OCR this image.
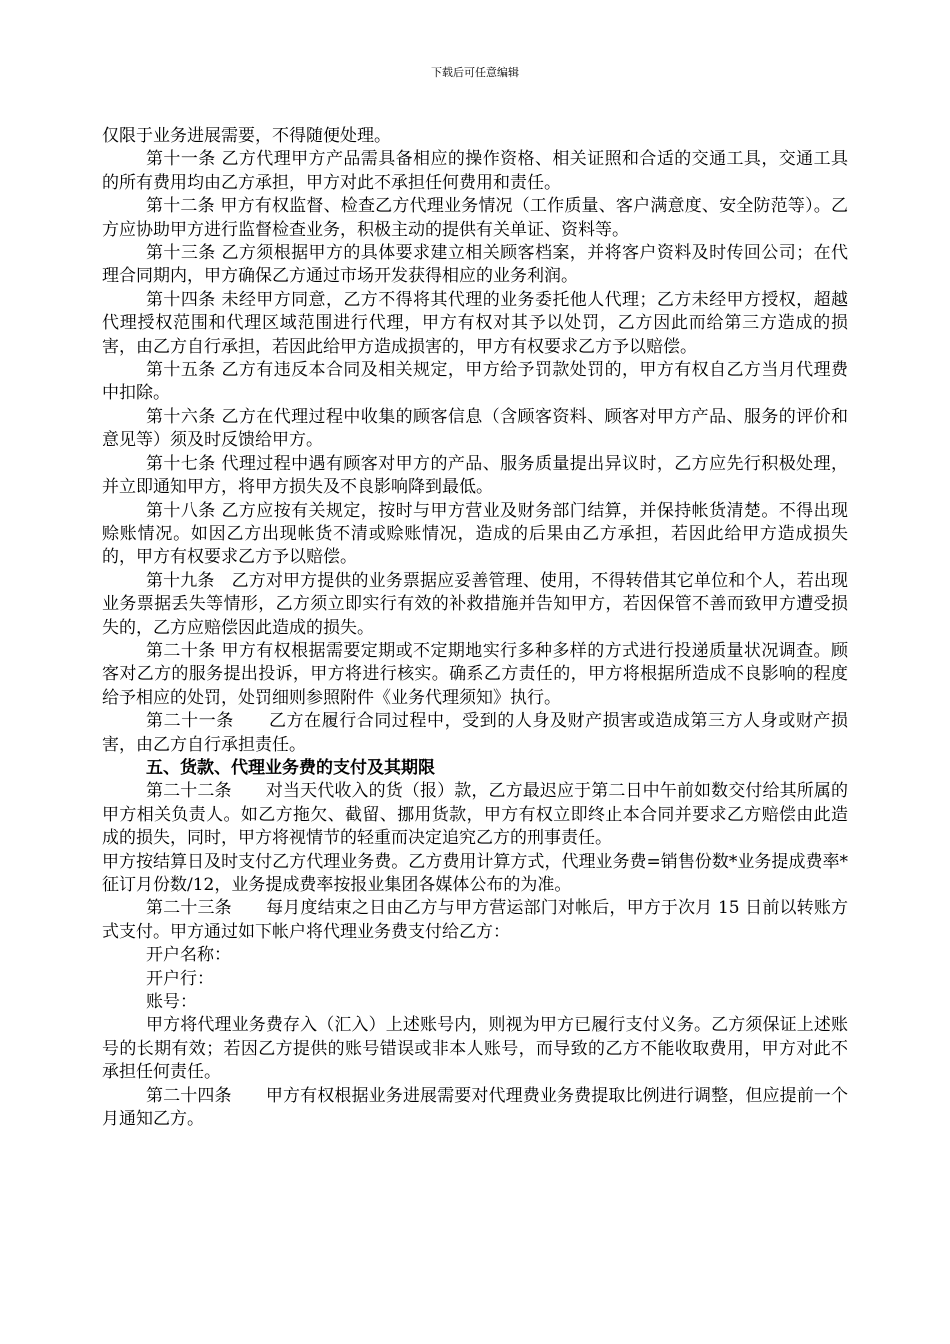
下载后可任意编辑

仅限于业务进展需要，不得随便处理。

第十一条 乙方代理甲方产品需具备相应的操作资格、相关证照和合适的交通工具，交通工具的所有费用均由乙方承担，甲方对此不承担任何费用和责任。

第十二条 甲方有权监督、检查乙方代理业务情况（工作质量、客户满意度、安全防范等）。乙方应协助甲方进行监督检查业务，积极主动的提供有关单证、资料等。

第十三条 乙方须根据甲方的具体要求建立相关顾客档案，并将客户资料及时传回公司；在代理合同期内，甲方确保乙方通过市场开发获得相应的业务利润。

第十四条 未经甲方同意，乙方不得将其代理的业务委托他人代理；乙方未经甲方授权，超越代理授权范围和代理区域范围进行代理，甲方有权对其予以处罚，乙方因此而给第三方造成的损害，由乙方自行承担，若因此给甲方造成损害的，甲方有权要求乙方予以赔偿。

第十五条 乙方有违反本合同及相关规定，甲方给予罚款处罚的，甲方有权自乙方当月代理费中扣除。

第十六条 乙方在代理过程中收集的顾客信息（含顾客资料、顾客对甲方产品、服务的评价和意见等）须及时反馈给甲方。

第十七条 代理过程中遇有顾客对甲方的产品、服务质量提出异议时，乙方应先行积极处理，并立即通知甲方，将甲方损失及不良影响降到最低。

第十八条 乙方应按有关规定，按时与甲方营业及财务部门结算，并保持帐货清楚。不得出现赊账情况。如因乙方出现帐货不清或赊账情况，造成的后果由乙方承担，若因此给甲方造成损失的，甲方有权要求乙方予以赔偿。

第十九条　乙方对甲方提供的业务票据应妥善管理、使用，不得转借其它单位和个人，若出现业务票据丢失等情形，乙方须立即实行有效的补救措施并告知甲方，若因保管不善而致甲方遭受损失的，乙方应赔偿因此造成的损失。

第二十条 甲方有权根据需要定期或不定期地实行多种多样的方式进行投递质量状况调查。顾客对乙方的服务提出投诉，甲方将进行核实。确系乙方责任的，甲方将根据所造成不良影响的程度给予相应的处罚，处罚细则参照附件《业务代理须知》执行。

第二十一条　　乙方在履行合同过程中，受到的人身及财产损害或造成第三方人身或财产损害，由乙方自行承担责任。

五、货款、代理业务费的支付及其期限

第二十二条　　对当天代收入的货（报）款，乙方最迟应于第二日中午前如数交付给其所属的甲方相关负责人。如乙方拖欠、截留、挪用货款，甲方有权立即终止本合同并要求乙方赔偿由此造成的损失，同时，甲方将视情节的轻重而决定追究乙方的刑事责任。

甲方按结算日及时支付乙方代理业务费。乙方费用计算方式，代理业务费=销售份数*业务提成费率*征订月份数/12，业务提成费率按报业集团各媒体公布的为准。

第二十三条　　每月度结束之日由乙方与甲方营运部门对帐后，甲方于次月 15 日前以转账方式支付。甲方通过如下帐户将代理业务费支付给乙方：

开户名称：

开户行：

账号：

甲方将代理业务费存入（汇入）上述账号内，则视为甲方已履行支付义务。乙方须保证上述账号的长期有效；若因乙方提供的账号错误或非本人账号，而导致的乙方不能收取费用，甲方对此不承担任何责任。

第二十四条　　甲方有权根据业务进展需要对代理费业务费提取比例进行调整，但应提前一个月通知乙方。
